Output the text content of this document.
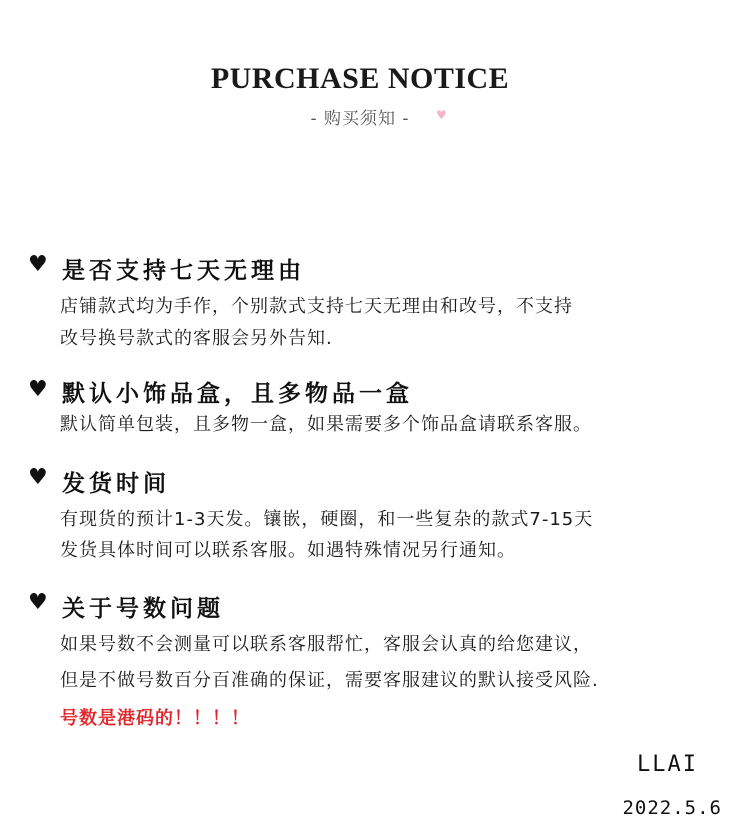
PURCHASE NOTICE
- 购买须知 -	♥
♥ 是否支持七天无理由
店铺款式均为手作，个别款式支持七天无理由和改号，不支持
改号换号款式的客服会另外告知.
♥ 默认小饰品盒，且多物品一盒
默认简单包装，且多物一盒，如果需要多个饰品盒请联系客服。
♥ 发货时间
有现货的预计1-3天发。镶嵌，硬圈，和一些复杂的款式7-15天
发货具体时间可以联系客服。如遇特殊情况另行通知。
♥ 关于号数问题
如果号数不会测量可以联系客服帮忙，客服会认真的给您建议，
但是不做号数百分百准确的保证，需要客服建议的默认接受风险.
号数是港码的！！！！
LLAI
2022.5.6
